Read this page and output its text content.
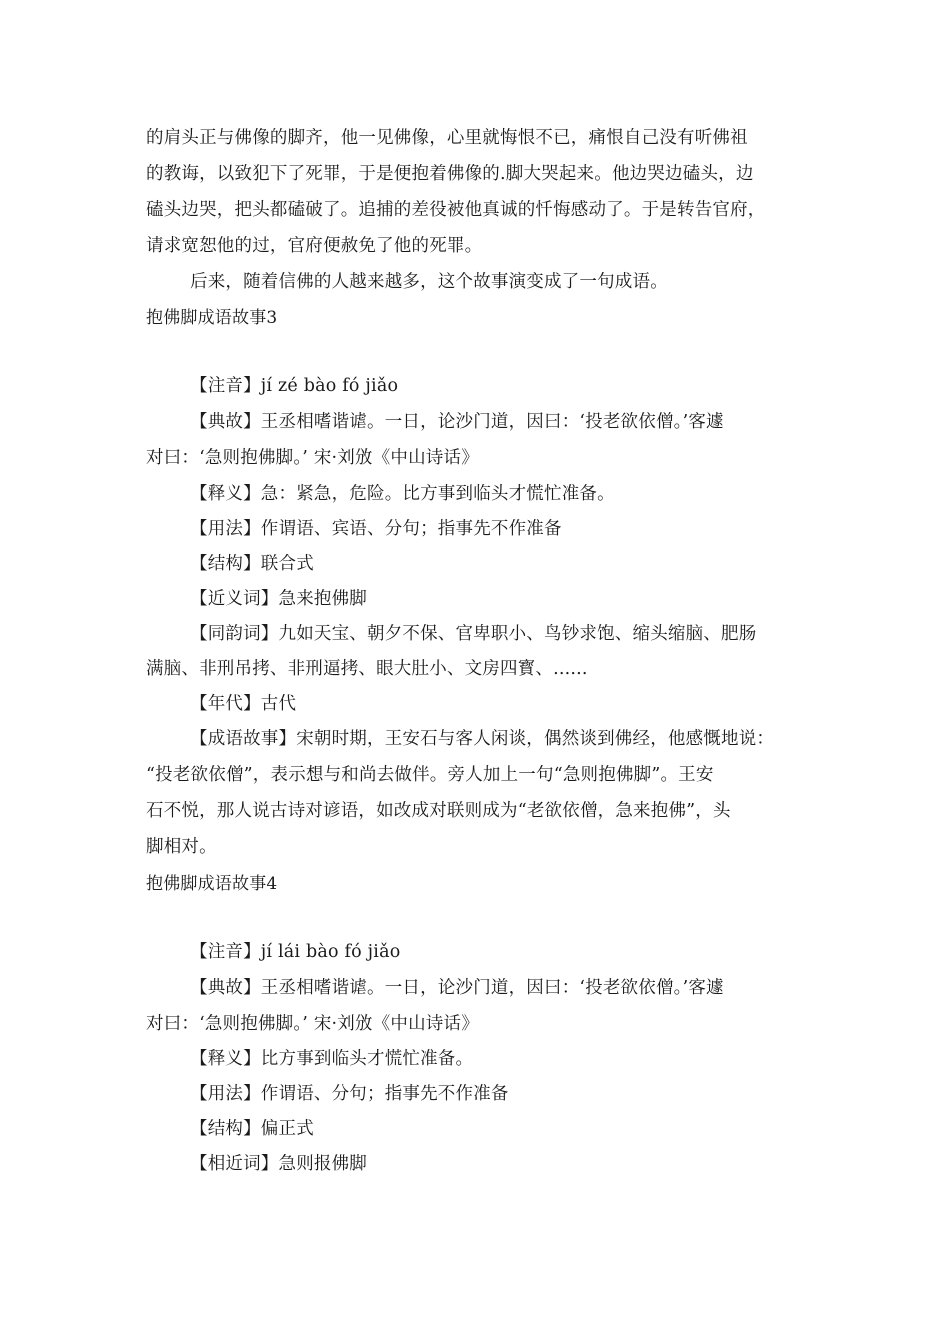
的肩头正与佛像的脚齐，他一见佛像，心里就悔恨不已，痛恨自己没有听佛祖
的教诲，以致犯下了死罪，于是便抱着佛像的.脚大哭起来。他边哭边磕头，边
磕头边哭，把头都磕破了。追捕的差役被他真诚的忏悔感动了。于是转告官府，
请求宽恕他的过，官府便赦免了他的死罪。
后来，随着信佛的人越来越多，这个故事演变成了一句成语。
抱佛脚成语故事3
【注音】jí zé bào fó jiǎo
【典故】王丞相嗜谐谑。一日，论沙门道，因曰：‘投老欲依僧。’客遽
对曰：‘急则抱佛脚。’ 宋·刘攽《中山诗话》
【释义】急：紧急，危险。比方事到临头才慌忙准备。
【用法】作谓语、宾语、分句；指事先不作准备
【结构】联合式
【近义词】急来抱佛脚
【同韵词】九如天宝、朝夕不保、官卑职小、鸟钞求饱、缩头缩脑、肥肠
满脑、非刑吊拷、非刑逼拷、眼大肚小、文房四寳、......
【年代】古代
【成语故事】宋朝时期，王安石与客人闲谈，偶然谈到佛经，他感慨地说：
“投老欲依僧”，表示想与和尚去做伴。旁人加上一句“急则抱佛脚”。王安
石不悦，那人说古诗对谚语，如改成对联则成为“老欲依僧，急来抱佛”，头
脚相对。
抱佛脚成语故事4
【注音】jí lái bào fó jiǎo
【典故】王丞相嗜谐谑。一日，论沙门道，因曰：‘投老欲依僧。’客遽
对曰：‘急则抱佛脚。’ 宋·刘攽《中山诗话》
【释义】比方事到临头才慌忙准备。
【用法】作谓语、分句；指事先不作准备
【结构】偏正式
【相近词】急则报佛脚
